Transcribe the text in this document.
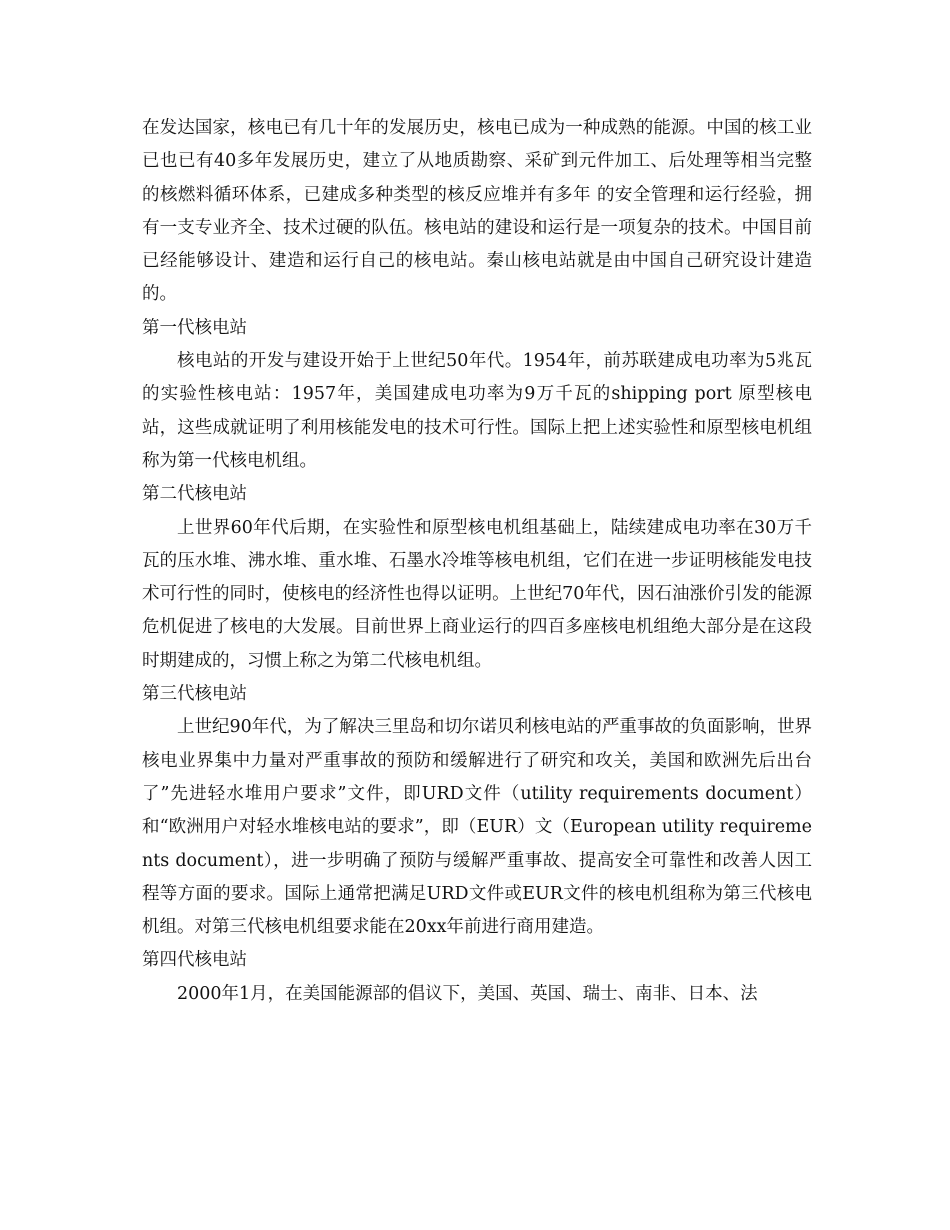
在发达国家，核电已有几十年的发展历史，核电已成为一种成熟的能源。中国的核工业已也已有40多年发展历史，建立了从地质勘察、采矿到元件加工、后处理等相当完整 的核燃料循环体系，已建成多种类型的核反应堆并有多年 的安全管理和运行经验，拥有一支专业齐全、技术过硬的队伍。核电站的建设和运行是一项复杂的技术。中国目前已经能够设计、建造和运行自己的核电站。秦山核电站就是由中国自己研究设计建造的。

第一代核电站

核电站的开发与建设开始于上世纪50年代。1954年，前苏联建成电功率为5兆瓦的实验性核电站：1957年，美国建成电功率为9万千瓦的shipping port 原型核电站，这些成就证明了利用核能发电的技术可行性。国际上把上述实验性和原型核电机组称为第一代核电机组。

第二代核电站

上世界60年代后期，在实验性和原型核电机组基础上，陆续建成电功率在30万千瓦的压水堆、沸水堆、重水堆、石墨水冷堆等核电机组，它们在进一步证明核能发电技术可行性的同时，使核电的经济性也得以证明。上世纪70年代，因石油涨价引发的能源危机促进了核电的大发展。目前世界上商业运行的四百多座核电机组绝大部分是在这段时期建成的，习惯上称之为第二代核电机组。

第三代核电站

上世纪90年代，为了解决三里岛和切尔诺贝利核电站的严重事故的负面影响，世界核电业界集中力量对严重事故的预防和缓解进行了研究和攻关，美国和欧洲先后出台了”先进轻水堆用户要求”文件，即URD文件（utility requirements document）和“欧洲用户对轻水堆核电站的要求”，即（EUR）文（European utility requirements document），进一步明确了预防与缓解严重事故、提高安全可靠性和改善人因工程等方面的要求。国际上通常把满足URD文件或EUR文件的核电机组称为第三代核电机组。对第三代核电机组要求能在20xx年前进行商用建造。

第四代核电站

2000年1月，在美国能源部的倡议下，美国、英国、瑞士、南非、日本、法
